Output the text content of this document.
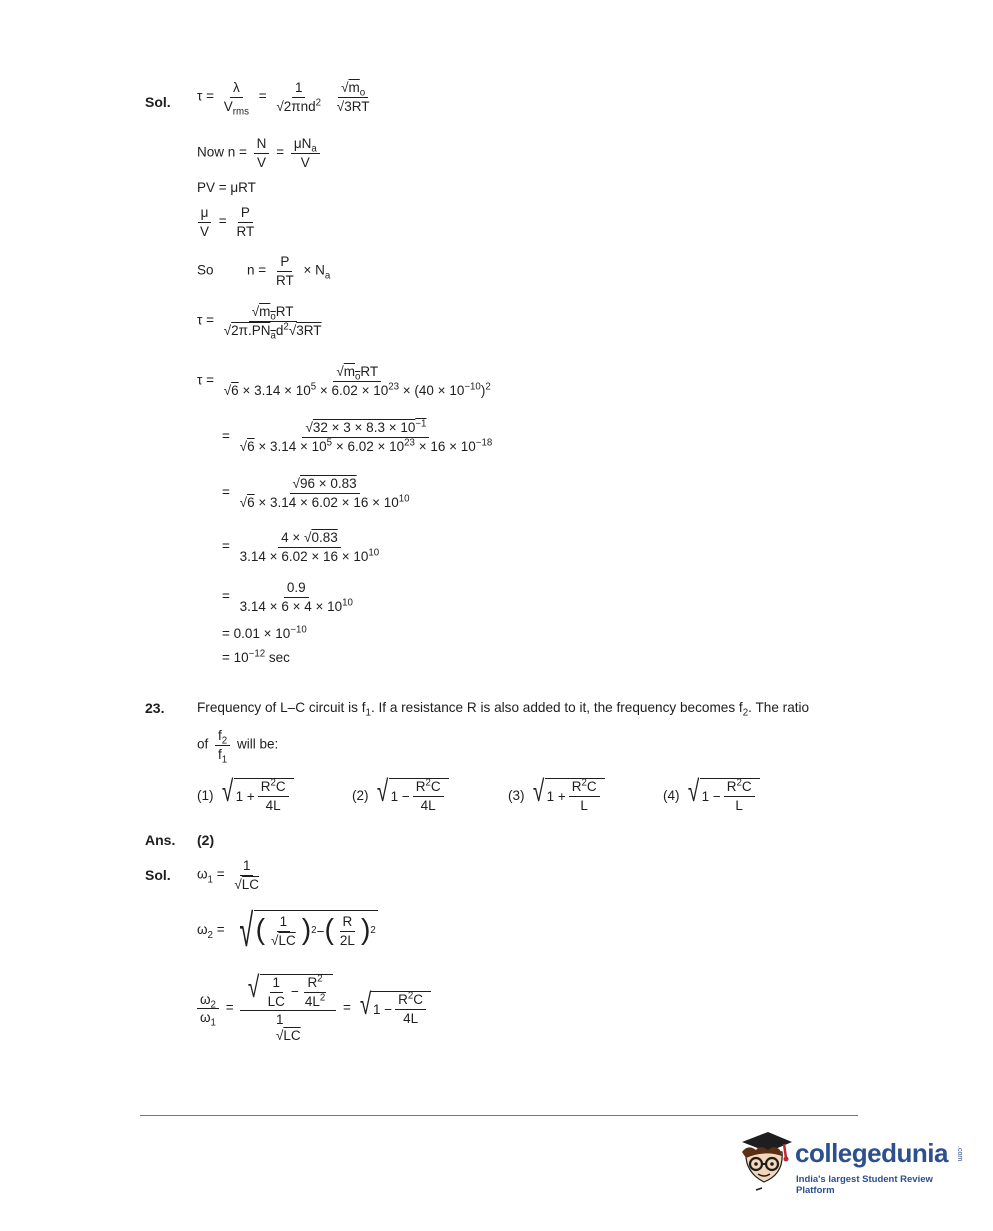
Sol. $\tau = \frac{\lambda}{V_{rms}} = \frac{1}{√2\pi nd^2}$
$\frac{√m_o}{√3RT}$
Now $n = \frac{N}{V} = \frac{\mu N_a}{V}$
PV = μRT
$\frac{\mu}{V} = \frac{P}{RT}$
So $n = \frac{P}{RT} \times N_a$
$\tau = \frac{√m_oRT}{√2\pi.PN_ad^2√3RT}$
$\tau = \frac{√m_oRT}{√6 \times 3.14 \times 10^5 \times 6.02 \times 10^{23} \times (40 \times 10^{-10})^2}$
= $\frac{√32 \times 3 \times 8.3 \times 10^{-1}}{√6 \times 3.14 \times 10^5 \times 6.02 \times 10^{23} \times 16 \times 10^{-18}}$
= $\frac{√96 \times 0.83}{√6 \times 3.14 \times 6.02 \times 16 \times 10^{10}}$
= $\frac{4 \times √0.83}{3.14 \times 6.02 \times 16 \times 10^{10}}$
= $\frac{0.9}{3.14 \times 6 \times 4 \times 10^{10}}$
= $0.01 \times 10^{-10}$
= $10^{-12}$ sec
23. Frequency of L–C circuit is $f_1$. If a resistance R is also added to it, the frequency becomes $f_2$. The ratio
of $\frac{f_2}{f_1}$ will be:
(1)
√ $1 + \frac{R^2C}{4L}$	(2)
√ $1 - \frac{R^2C}{4L}$	(3)
√ $1 + \frac{R^2C}{L}$	(4)
√ $1 - \frac{R^2C}{L}$
Ans. (2)
Sol. $\omega_1 = \frac{1}{√LC}$
$\omega_2$ = √ ( $\frac{1}{√LC}$ ) 2 − ( $\frac{R}{2L}$ ) 2
$\frac{\omega_2}{\omega_1}$ =
√ $\frac{1}{LC} - \frac{R^2}{4L^2}$
1
√LC
= √ $1 - \frac{R^2C}{4L}$
collegedunia .com
India's largest Student Review Platform
